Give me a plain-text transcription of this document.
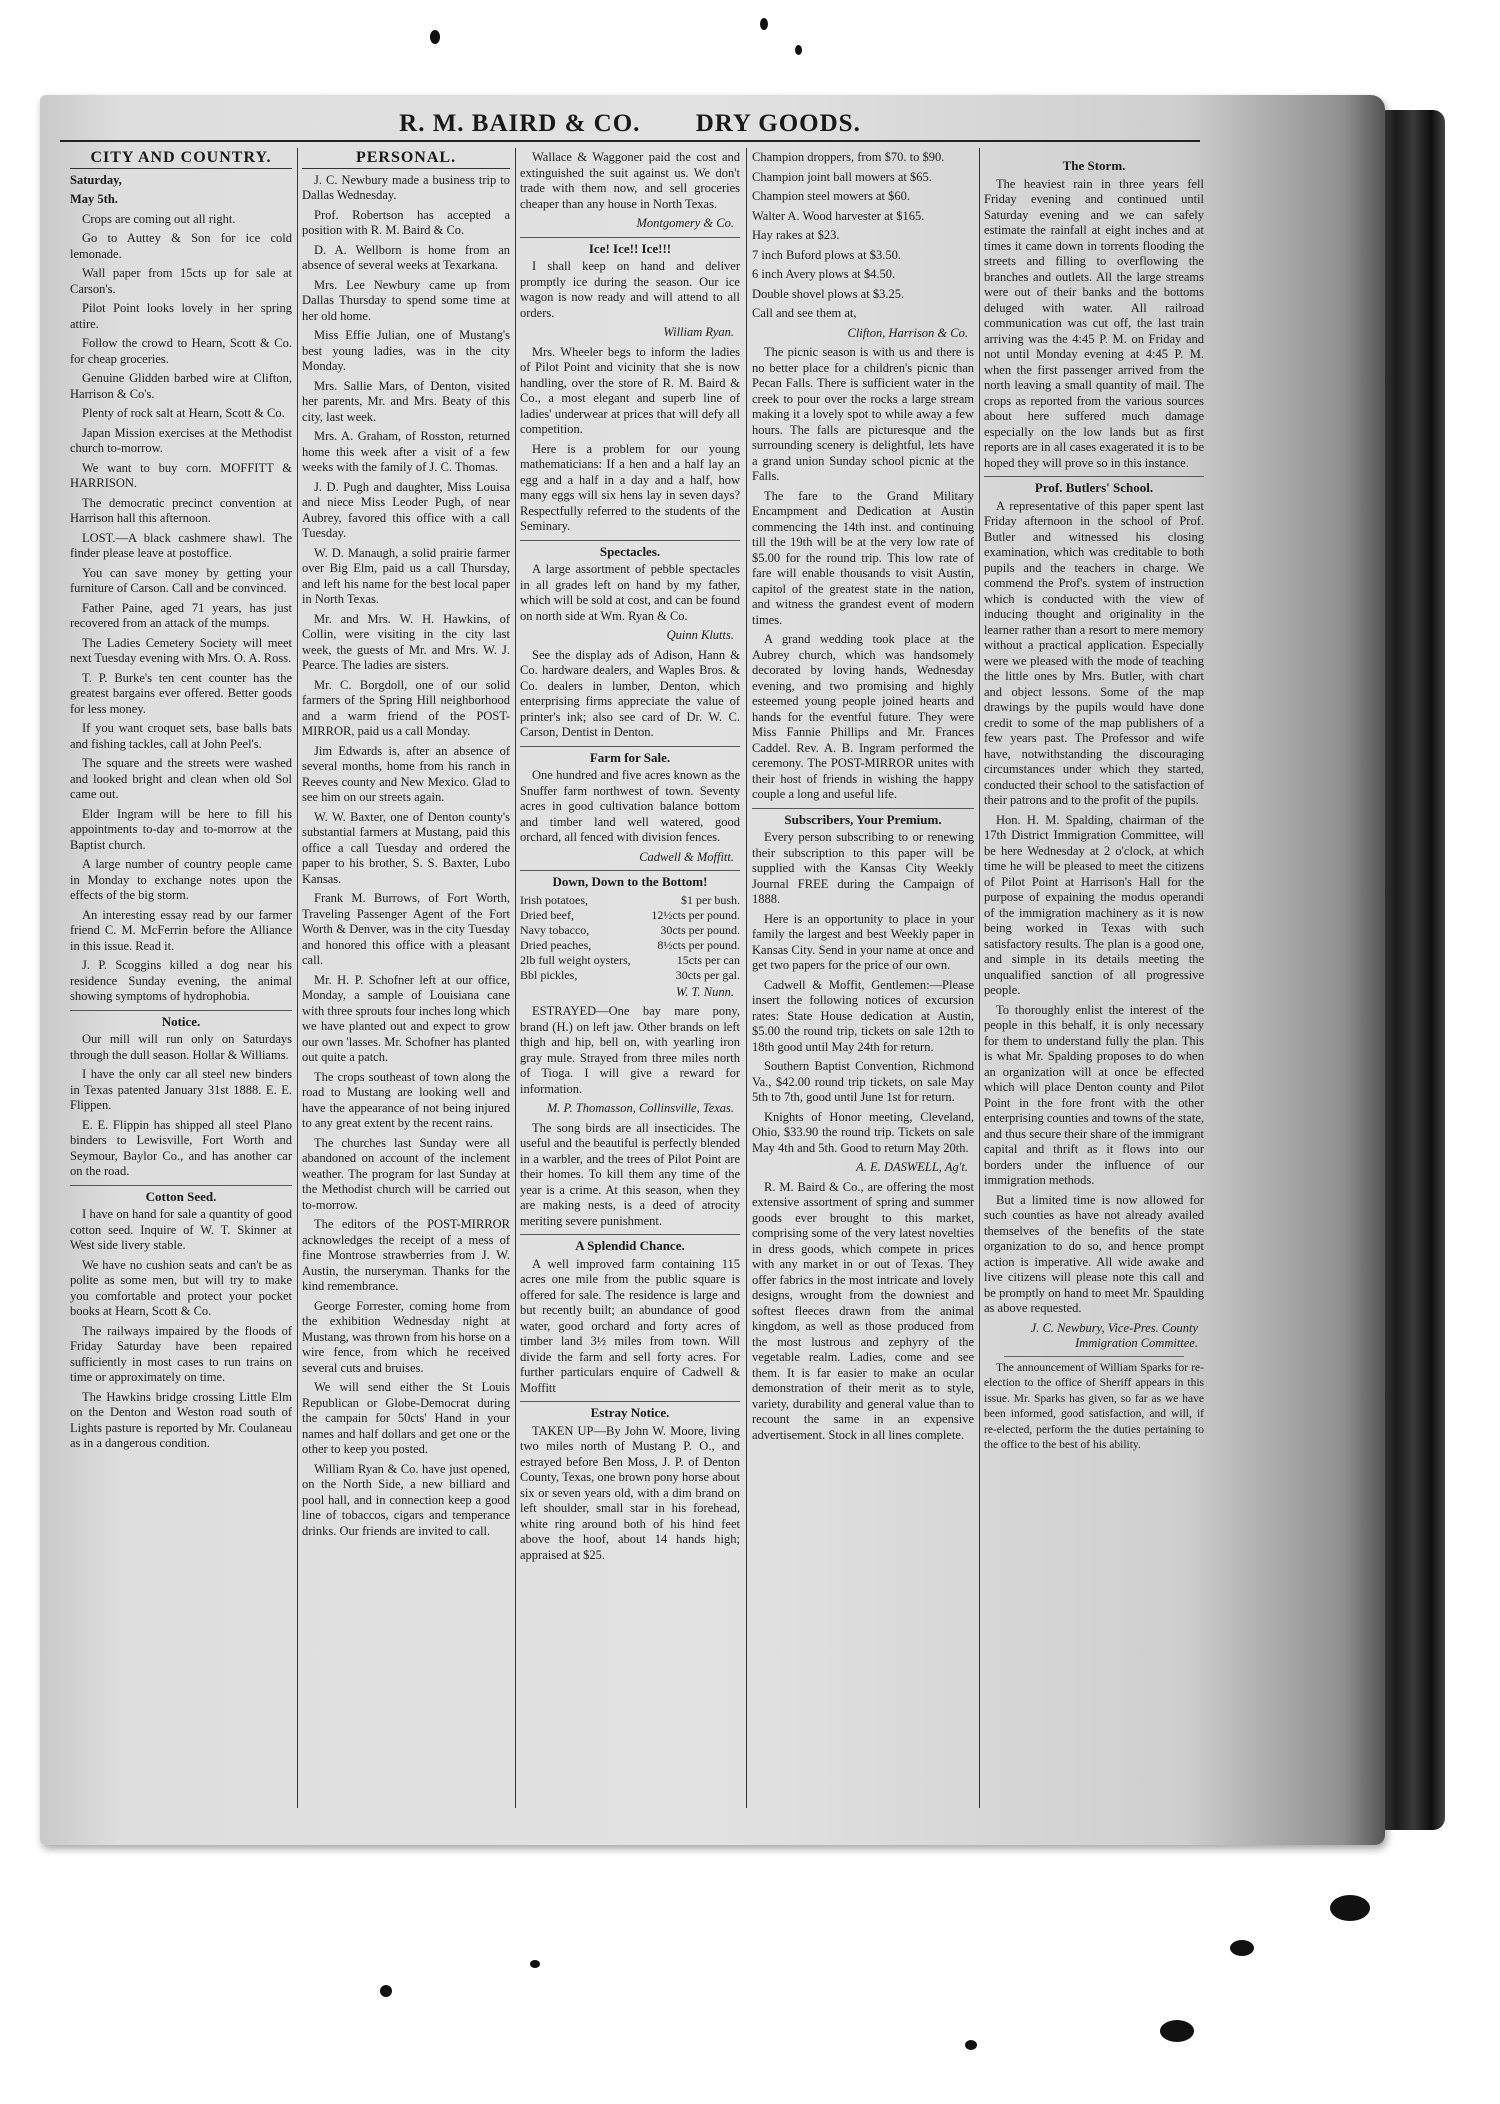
R. M. BAIRD & CO. DRY GOODS.
CITY AND COUNTRY.

Saturday,

May 5th.

Crops are coming out all right.

Go to Auttey & Son for ice cold lemonade.

Wall paper from 15cts up for sale at Carson's.

Pilot Point looks lovely in her spring attire.

Follow the crowd to Hearn, Scott & Co. for cheap groceries.

Genuine Glidden barbed wire at Clifton, Harrison & Co's.

Plenty of rock salt at Hearn, Scott & Co.

Japan Mission exercises at the Methodist church to-morrow.

We want to buy corn. MOFFITT & HARRISON.

The democratic precinct convention at Harrison hall this afternoon.

LOST.—A black cashmere shawl. The finder please leave at postoffice.

You can save money by getting your furniture of Carson. Call and be convinced.

Father Paine, aged 71 years, has just recovered from an attack of the mumps.

The Ladies Cemetery Society will meet next Tuesday evening with Mrs. O. A. Ross.

T. P. Burke's ten cent counter has the greatest bargains ever offered. Better goods for less money.

If you want croquet sets, base balls bats and fishing tackles, call at John Peel's.

The square and the streets were washed and looked bright and clean when old Sol came out.

Elder Ingram will be here to fill his appointments to-day and to-morrow at the Baptist church.

A large number of country people came in Monday to exchange notes upon the effects of the big storm.

An interesting essay read by our farmer friend C. M. McFerrin before the Alliance in this issue. Read it.

J. P. Scoggins killed a dog near his residence Sunday evening, the animal showing symptoms of hydrophobia.

Notice.

Our mill will run only on Saturdays through the dull season. Hollar & Williams.

I have the only car all steel new binders in Texas patented January 31st 1888. E. E. Flippen.

E. E. Flippin has shipped all steel Plano binders to Lewisville, Fort Worth and Seymour, Baylor Co., and has another car on the road.

Cotton Seed.

I have on hand for sale a quantity of good cotton seed. Inquire of W. T. Skinner at West side livery stable.

We have no cushion seats and can't be as polite as some men, but will try to make you comfortable and protect your pocket books at Hearn, Scott & Co.

The railways impaired by the floods of Friday Saturday have been repaired sufficiently in most cases to run trains on time or approximately on time.

The Hawkins bridge crossing Little Elm on the Denton and Weston road south of Lights pasture is reported by Mr. Coulaneau as in a dangerous condition.

PERSONAL.

J. C. Newbury made a business trip to Dallas Wednesday.

Prof. Robertson has accepted a position with R. M. Baird & Co.

D. A. Wellborn is home from an absence of several weeks at Texarkana.

Mrs. Lee Newbury came up from Dallas Thursday to spend some time at her old home.

Miss Effie Julian, one of Mustang's best young ladies, was in the city Monday.

Mrs. Sallie Mars, of Denton, visited her parents, Mr. and Mrs. Beaty of this city, last week.

Mrs. A. Graham, of Rosston, returned home this week after a visit of a few weeks with the family of J. C. Thomas.

J. D. Pugh and daughter, Miss Louisa and niece Miss Leoder Pugh, of near Aubrey, favored this office with a call Tuesday.

W. D. Manaugh, a solid prairie farmer over Big Elm, paid us a call Thursday, and left his name for the best local paper in North Texas.

Mr. and Mrs. W. H. Hawkins, of Collin, were visiting in the city last week, the guests of Mr. and Mrs. W. J. Pearce. The ladies are sisters.

Mr. C. Borgdoll, one of our solid farmers of the Spring Hill neighborhood and a warm friend of the POST-MIRROR, paid us a call Monday.

Jim Edwards is, after an absence of several months, home from his ranch in Reeves county and New Mexico. Glad to see him on our streets again.

W. W. Baxter, one of Denton county's substantial farmers at Mustang, paid this office a call Tuesday and ordered the paper to his brother, S. S. Baxter, Lubo Kansas.

Frank M. Burrows, of Fort Worth, Traveling Passenger Agent of the Fort Worth & Denver, was in the city Tuesday and honored this office with a pleasant call.

Mr. H. P. Schofner left at our office, Monday, a sample of Louisiana cane with three sprouts four inches long which we have planted out and expect to grow our own 'lasses. Mr. Schofner has planted out quite a patch.

The crops southeast of town along the road to Mustang are looking well and have the appearance of not being injured to any great extent by the recent rains.

The churches last Sunday were all abandoned on account of the inclement weather. The program for last Sunday at the Methodist church will be carried out to-morrow.

The editors of the POST-MIRROR acknowledges the receipt of a mess of fine Montrose strawberries from J. W. Austin, the nurseryman. Thanks for the kind remembrance.

George Forrester, coming home from the exhibition Wednesday night at Mustang, was thrown from his horse on a wire fence, from which he received several cuts and bruises.

We will send either the St Louis Republican or Globe-Democrat during the campain for 50cts' Hand in your names and half dollars and get one or the other to keep you posted.

William Ryan & Co. have just opened, on the North Side, a new billiard and pool hall, and in connection keep a good line of tobaccos, cigars and temperance drinks. Our friends are invited to call.

Wallace & Waggoner paid the cost and extinguished the suit against us. We don't trade with them now, and sell groceries cheaper than any house in North Texas.

Montgomery & Co.

Ice! Ice!! Ice!!!

I shall keep on hand and deliver promptly ice during the season. Our ice wagon is now ready and will attend to all orders.

William Ryan.

Mrs. Wheeler begs to inform the ladies of Pilot Point and vicinity that she is now handling, over the store of R. M. Baird & Co., a most elegant and superb line of ladies' underwear at prices that will defy all competition.

Here is a problem for our young mathematicians: If a hen and a half lay an egg and a half in a day and a half, how many eggs will six hens lay in seven days? Respectfully referred to the students of the Seminary.

Spectacles.

A large assortment of pebble spectacles in all grades left on hand by my father, which will be sold at cost, and can be found on north side at Wm. Ryan & Co.

Quinn Klutts.

See the display ads of Adison, Hann & Co. hardware dealers, and Waples Bros. & Co. dealers in lumber, Denton, which enterprising firms appreciate the value of printer's ink; also see card of Dr. W. C. Carson, Dentist in Denton.

Farm for Sale.

One hundred and five acres known as the Snuffer farm northwest of town. Seventy acres in good cultivation balance bottom and timber land well watered, good orchard, all fenced with division fences.

Cadwell & Moffitt.

Down, Down to the Bottom!
Irish potatoes,	$1 per bush.
Dried beef,	12½cts per pound.
Navy tobacco,	30cts per pound.
Dried peaches,	8½cts per pound.
2lb full weight oysters,	15cts per can
Bbl pickles,	30cts per gal.

W. T. Nunn.

ESTRAYED—One bay mare pony, brand (H.) on left jaw. Other brands on left thigh and hip, bell on, with yearling iron gray mule. Strayed from three miles north of Tioga. I will give a reward for information.

M. P. Thomasson, Collinsville, Texas.

The song birds are all insecticides. The useful and the beautiful is perfectly blended in a warbler, and the trees of Pilot Point are their homes. To kill them any time of the year is a crime. At this season, when they are making nests, is a deed of atrocity meriting severe punishment.

A Splendid Chance.

A well improved farm containing 115 acres one mile from the public square is offered for sale. The residence is large and but recently built; an abundance of good water, good orchard and forty acres of timber land 3½ miles from town. Will divide the farm and sell forty acres. For further particulars enquire of Cadwell & Moffitt

Estray Notice.

TAKEN UP—By John W. Moore, living two miles north of Mustang P. O., and estrayed before Ben Moss, J. P. of Denton County, Texas, one brown pony horse about six or seven years old, with a dim brand on left shoulder, small star in his forehead, white ring around both of his hind feet above the hoof, about 14 hands high; appraised at $25.

Champion droppers, from $70. to $90.

Champion joint ball mowers at $65.

Champion steel mowers at $60.

Walter A. Wood harvester at $165.

Hay rakes at $23.

7 inch Buford plows at $3.50.

6 inch Avery plows at $4.50.

Double shovel plows at $3.25.

Call and see them at,

Clifton, Harrison & Co.

The picnic season is with us and there is no better place for a children's picnic than Pecan Falls. There is sufficient water in the creek to pour over the rocks a large stream making it a lovely spot to while away a few hours. The falls are picturesque and the surrounding scenery is delightful, lets have a grand union Sunday school picnic at the Falls.

The fare to the Grand Military Encampment and Dedication at Austin commencing the 14th inst. and continuing till the 19th will be at the very low rate of $5.00 for the round trip. This low rate of fare will enable thousands to visit Austin, capitol of the greatest state in the nation, and witness the grandest event of modern times.

A grand wedding took place at the Aubrey church, which was handsomely decorated by loving hands, Wednesday evening, and two promising and highly esteemed young people joined hearts and hands for the eventful future. They were Miss Fannie Phillips and Mr. Frances Caddel. Rev. A. B. Ingram performed the ceremony. The POST-MIRROR unites with their host of friends in wishing the happy couple a long and useful life.

Subscribers, Your Premium.

Every person subscribing to or renewing their subscription to this paper will be supplied with the Kansas City Weekly Journal FREE during the Campaign of 1888.

Here is an opportunity to place in your family the largest and best Weekly paper in Kansas City. Send in your name at once and get two papers for the price of our own.

Cadwell & Moffit, Gentlemen:—Please insert the following notices of excursion rates: State House dedication at Austin, $5.00 the round trip, tickets on sale 12th to 18th good until May 24th for return.

Southern Baptist Convention, Richmond Va., $42.00 round trip tickets, on sale May 5th to 7th, good until June 1st for return.

Knights of Honor meeting, Cleveland, Ohio, $33.90 the round trip. Tickets on sale May 4th and 5th. Good to return May 20th.

A. E. DASWELL, Ag't.

R. M. Baird & Co., are offering the most extensive assortment of spring and summer goods ever brought to this market, comprising some of the very latest novelties in dress goods, which compete in prices with any market in or out of Texas. They offer fabrics in the most intricate and lovely designs, wrought from the downiest and softest fleeces drawn from the animal kingdom, as well as those produced from the most lustrous and zephyry of the vegetable realm. Ladies, come and see them. It is far easier to make an ocular demonstration of their merit as to style, variety, durability and general value than to recount the same in an expensive advertisement. Stock in all lines complete.

The Storm.

The heaviest rain in three years fell Friday evening and continued until Saturday evening and we can safely estimate the rainfall at eight inches and at times it came down in torrents flooding the streets and filling to overflowing the branches and outlets. All the large streams were out of their banks and the bottoms deluged with water. All railroad communication was cut off, the last train arriving was the 4:45 P. M. on Friday and not until Monday evening at 4:45 P. M. when the first passenger arrived from the north leaving a small quantity of mail. The crops as reported from the various sources about here suffered much damage especially on the low lands but as first reports are in all cases exagerated it is to be hoped they will prove so in this instance.

Prof. Butlers' School.

A representative of this paper spent last Friday afternoon in the school of Prof. Butler and witnessed his closing examination, which was creditable to both pupils and the teachers in charge. We commend the Prof's. system of instruction which is conducted with the view of inducing thought and originality in the learner rather than a resort to mere memory without a practical application. Especially were we pleased with the mode of teaching the little ones by Mrs. Butler, with chart and object lessons. Some of the map drawings by the pupils would have done credit to some of the map publishers of a few years past. The Professor and wife have, notwithstanding the discouraging circumstances under which they started, conducted their school to the satisfaction of their patrons and to the profit of the pupils.

Hon. H. M. Spalding, chairman of the 17th District Immigration Committee, will be here Wednesday at 2 o'clock, at which time he will be pleased to meet the citizens of Pilot Point at Harrison's Hall for the purpose of expaining the modus operandi of the immigration machinery as it is now being worked in Texas with such satisfactory results. The plan is a good one, and simple in its details meeting the unqualified sanction of all progressive people.

To thoroughly enlist the interest of the people in this behalf, it is only necessary for them to understand fully the plan. This is what Mr. Spalding proposes to do when an organization will at once be effected which will place Denton county and Pilot Point in the fore front with the other enterprising counties and towns of the state, and thus secure their share of the immigrant capital and thrift as it flows into our borders under the influence of our immigration methods.

But a limited time is now allowed for such counties as have not already availed themselves of the benefits of the state organization to do so, and hence prompt action is imperative. All wide awake and live citizens will please note this call and be promptly on hand to meet Mr. Spaulding as above requested.

J. C. Newbury, Vice-Pres. County Immigration Committee.

The announcement of William Sparks for re-election to the office of Sheriff appears in this issue. Mr. Sparks has given, so far as we have been informed, good satisfaction, and will, if re-elected, perform the the duties pertaining to the office to the best of his ability.
